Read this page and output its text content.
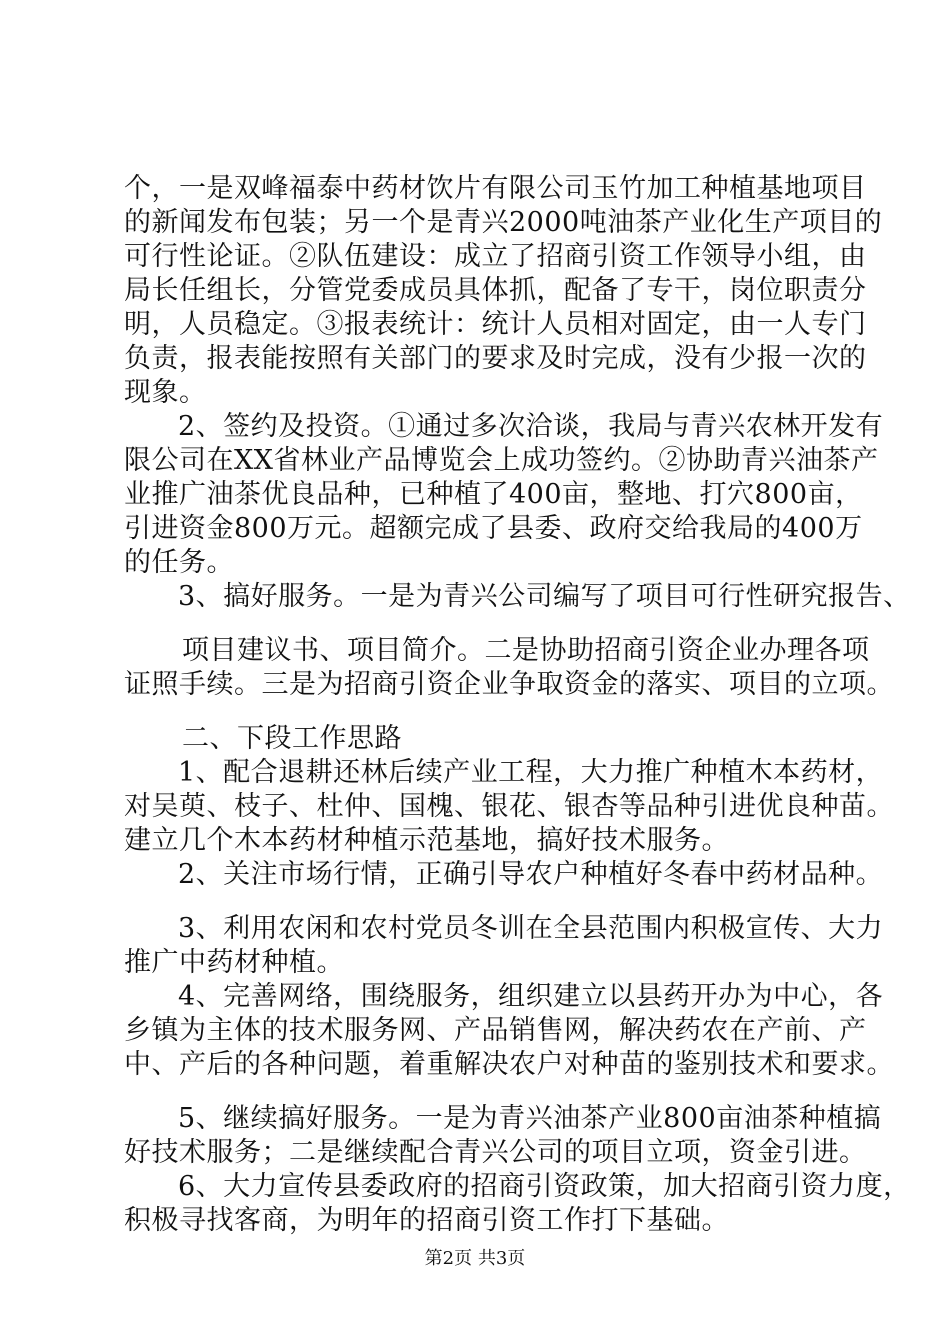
个，一是双峰福泰中药材饮片有限公司玉竹加工种植基地项目
的新闻发布包装；另一个是青兴2000吨油茶产业化生产项目的
可行性论证。②队伍建设：成立了招商引资工作领导小组，由
局长任组长，分管党委成员具体抓，配备了专干，岗位职责分
明，人员稳定。③报表统计：统计人员相对固定，由一人专门
负责，报表能按照有关部门的要求及时完成，没有少报一次的
现象。
2、签约及投资。①通过多次洽谈，我局与青兴农林开发有
限公司在XX省林业产品博览会上成功签约。②协助青兴油茶产
业推广油茶优良品种，已种植了400亩，整地、打穴800亩，
引进资金800万元。超额完成了县委、政府交给我局的400万
的任务。
3、搞好服务。一是为青兴公司编写了项目可行性研究报告、
项目建议书、项目简介。二是协助招商引资企业办理各项
证照手续。三是为招商引资企业争取资金的落实、项目的立项。
二、下段工作思路
1、配合退耕还林后续产业工程，大力推广种植木本药材，
对吴萸、枝子、杜仲、国槐、银花、银杏等品种引进优良种苗。
建立几个木本药材种植示范基地，搞好技术服务。
2、关注市场行情，正确引导农户种植好冬春中药材品种。
3、利用农闲和农村党员冬训在全县范围内积极宣传、大力
推广中药材种植。
4、完善网络，围绕服务，组织建立以县药开办为中心，各
乡镇为主体的技术服务网、产品销售网，解决药农在产前、产
中、产后的各种问题，着重解决农户对种苗的鉴别技术和要求。
5、继续搞好服务。一是为青兴油茶产业800亩油茶种植搞
好技术服务；二是继续配合青兴公司的项目立项，资金引进。
6、大力宣传县委政府的招商引资政策，加大招商引资力度，
积极寻找客商，为明年的招商引资工作打下基础。
第2页 共3页
